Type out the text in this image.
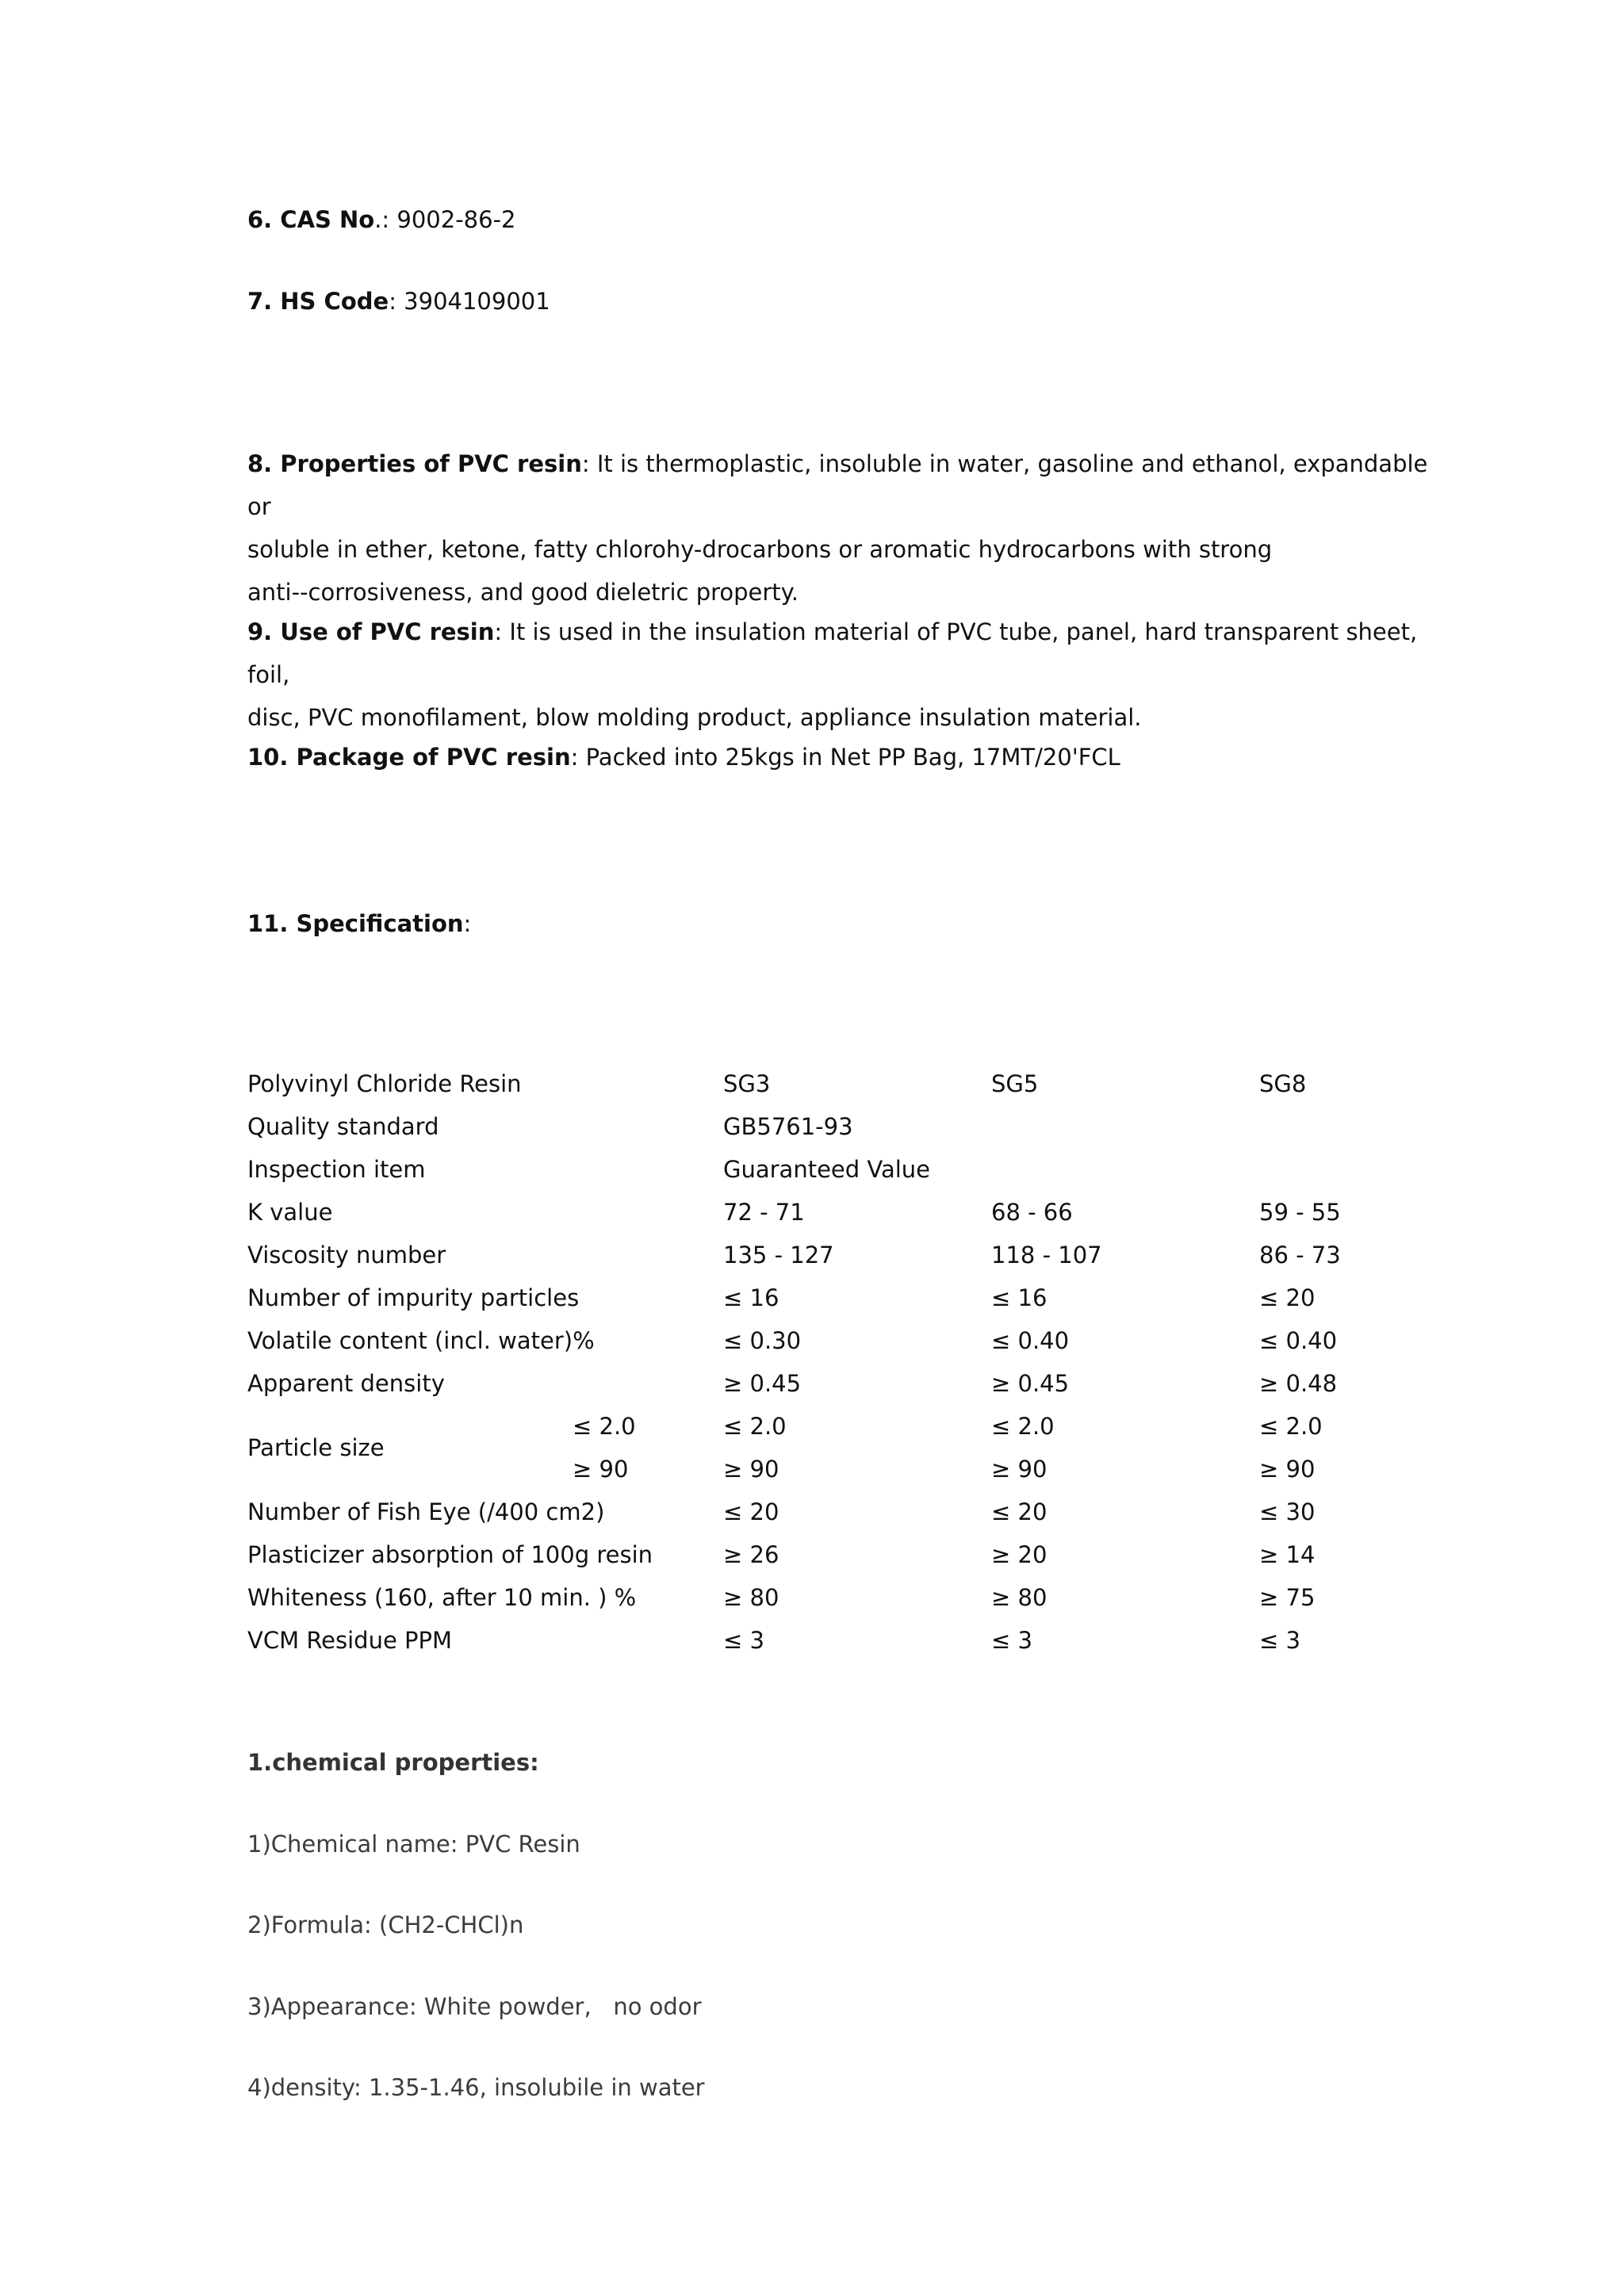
6. CAS No.: 9002-86-2

7. HS Code: 3904109001

8. Properties of PVC resin: It is thermoplastic, insoluble in water, gasoline and ethanol, expandable or
soluble in ether, ketone, fatty chlorohy-drocarbons or aromatic hydrocarbons with strong
anti--corrosiveness, and good dieletric property.
9. Use of PVC resin: It is used in the insulation material of PVC tube, panel, hard transparent sheet, foil,
disc, PVC monofilament, blow molding product, appliance insulation material.

10. Package of PVC resin: Packed into 25kgs in Net PP Bag, 17MT/20'FCL

11. Specification:

Polyvinyl Chloride Resin		SG3	SG5	SG8
Quality standard		GB5761-93		
Inspection item		Guaranteed Value		
K value		72 - 71	68 - 66	59 - 55
Viscosity number		135 - 127	118 - 107	86 - 73
Number of impurity particles		≤ 16	≤ 16	≤ 20
Volatile content (incl. water)%		≤ 0.30	≤ 0.40	≤ 0.40
Apparent density		≥ 0.45	≥ 0.45	≥ 0.48
Particle size	≤ 2.0	≤ 2.0	≤ 2.0	≤ 2.0
	≥ 90	≥ 90	≥ 90	≥ 90
Number of Fish Eye (/400 cm2)		≤ 20	≤ 20	≤ 30
Plasticizer absorption of 100g resin		≥ 26	≥ 20	≥ 14
Whiteness (160, after 10 min. ) %		≥ 80	≥ 80	≥ 75
VCM Residue PPM		≤ 3	≤ 3	≤ 3

1.chemical properties:

1)Chemical name: PVC Resin

2)Formula: (CH2-CHCl)n

3)Appearance: White powder,   no odor

4)density: 1.35-1.46, insolubile in water
